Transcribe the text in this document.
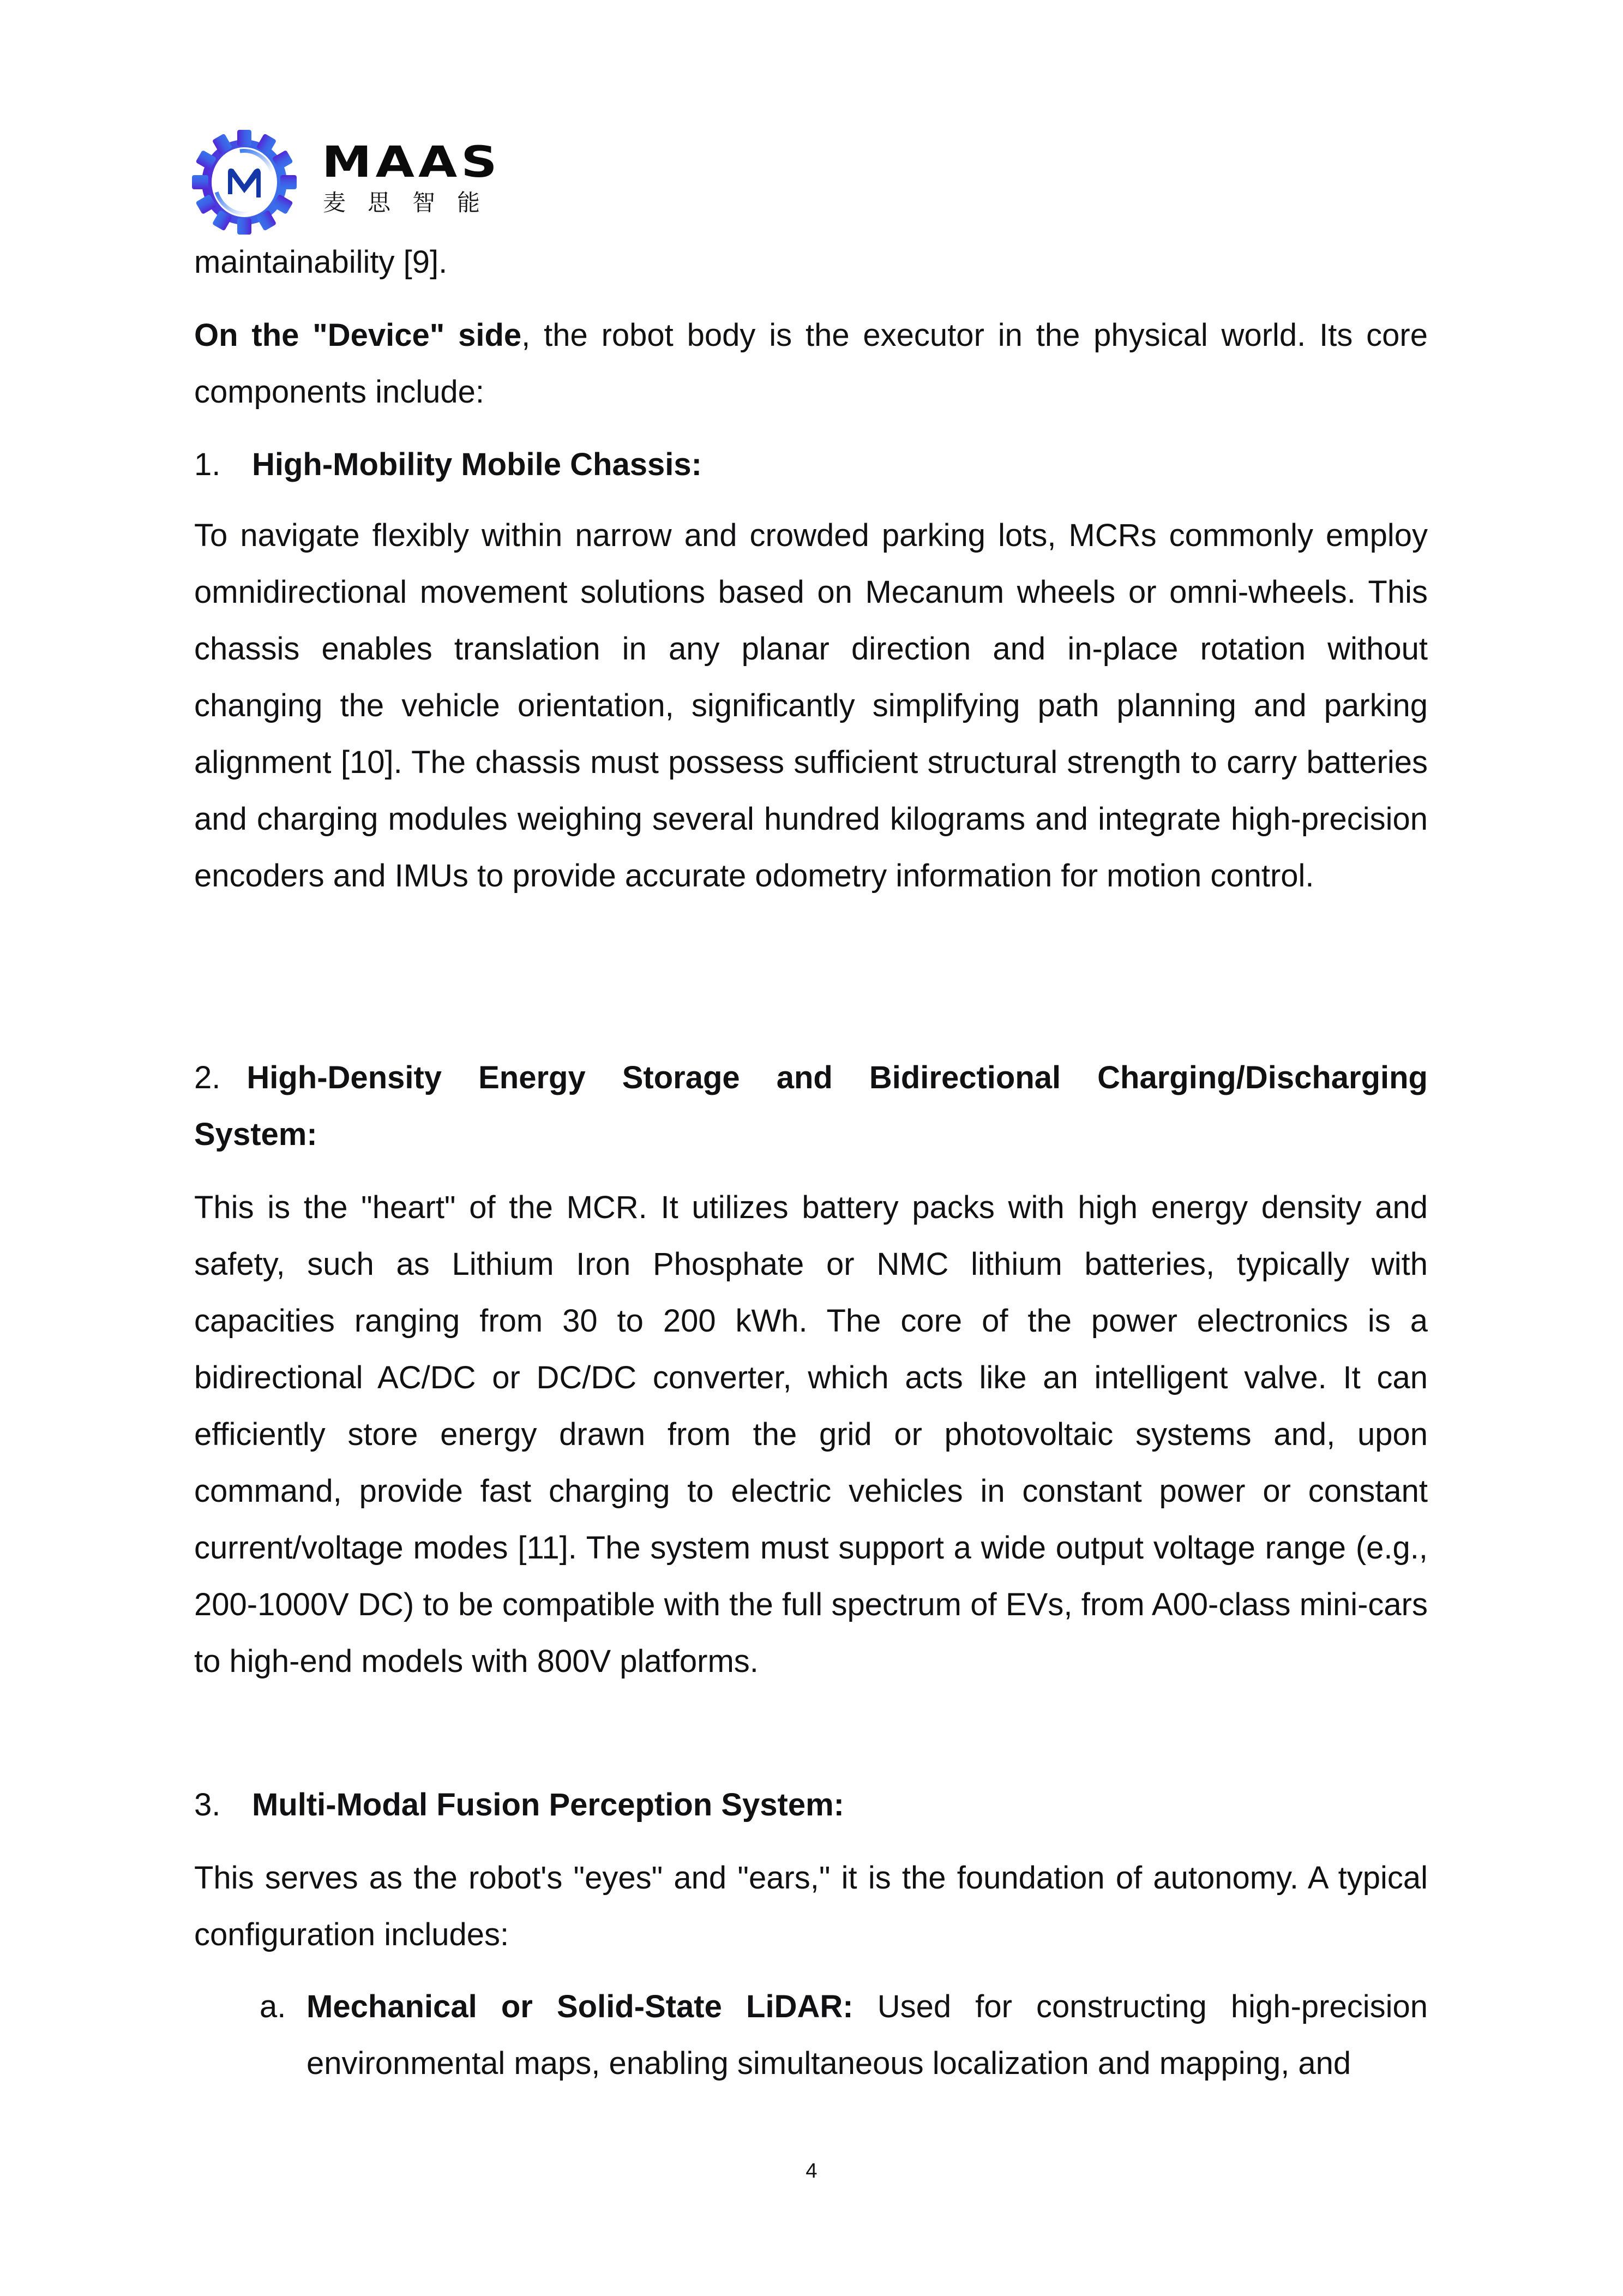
MAAS
麦思智能
maintainability [9].
On the "Device" side, the robot body is the executor in the physical world. Its core components include:
1. High-Mobility Mobile Chassis:
To navigate flexibly within narrow and crowded parking lots, MCRs commonly employ omnidirectional movement solutions based on Mecanum wheels or omni-wheels. This chassis enables translation in any planar direction and in-place rotation without changing the vehicle orientation, significantly simplifying path planning and parking alignment [10]. The chassis must possess sufficient structural strength to carry batteries and charging modules weighing several hundred kilograms and integrate high-precision encoders and IMUs to provide accurate odometry information for motion control.
2. High-Density Energy Storage and Bidirectional Charging/Discharging
System:
This is the "heart" of the MCR. It utilizes battery packs with high energy density and safety, such as Lithium Iron Phosphate or NMC lithium batteries, typically with capacities ranging from 30 to 200 kWh. The core of the power electronics is a bidirectional AC/DC or DC/DC converter, which acts like an intelligent valve. It can efficiently store energy drawn from the grid or photovoltaic systems and, upon command, provide fast charging to electric vehicles in constant power or constant current/voltage modes [11]. The system must support a wide output voltage range (e.g., 200-1000V DC) to be compatible with the full spectrum of EVs, from A00-class mini-cars to high-end models with 800V platforms.
3. Multi-Modal Fusion Perception System:
This serves as the robot's "eyes" and "ears," it is the foundation of autonomy. A typical configuration includes:
a. Mechanical or Solid-State LiDAR: Used for constructing high-precision environmental maps, enabling simultaneous localization and mapping, and
4
